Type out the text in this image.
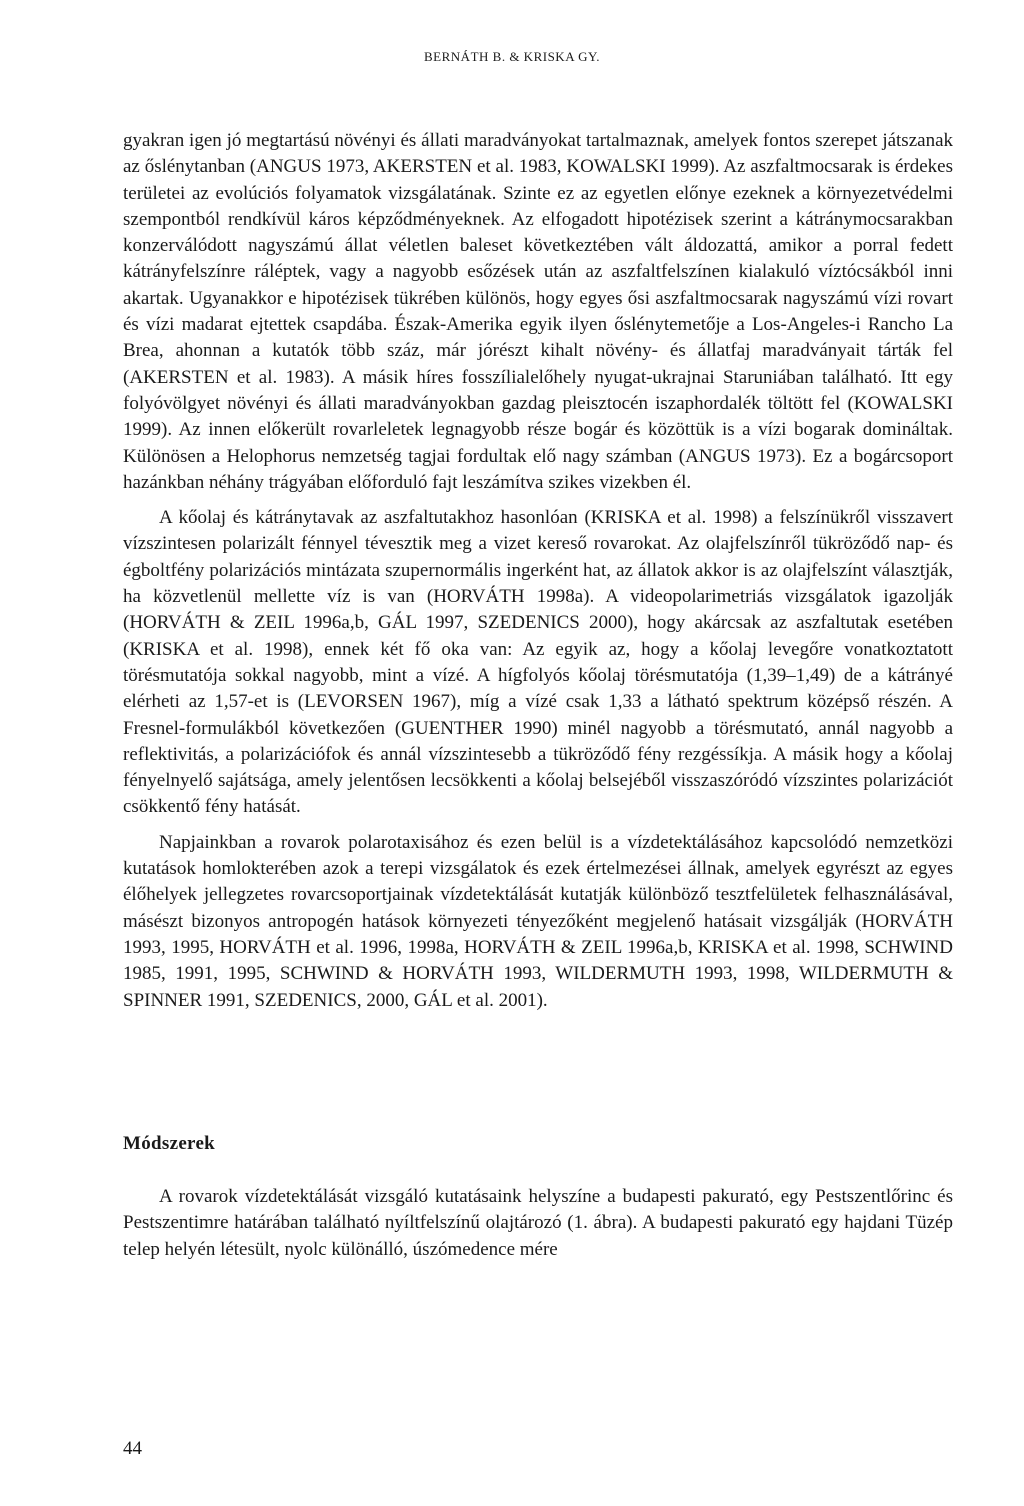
BERNÁTH B. & KRISKA GY.

gyakran igen jó megtartású növényi és állati maradványokat tartalmaznak, amelyek fontos szerepet játszanak az őslénytanban (ANGUS 1973, AKERSTEN et al. 1983, KOWALSKI 1999). Az aszfaltmocsarak is érdekes területei az evolúciós folyamatok vizsgálatának. Szinte ez az egyetlen előnye ezeknek a környezetvédelmi szempontból rendkívül káros képződményeknek. Az elfogadott hipotézisek szerint a kátránymocsarakban konzerválódott nagyszámú állat véletlen baleset következtében vált áldozattá, amikor a porral fedett kátrányfelszínre ráléptek, vagy a nagyobb esőzések után az aszfaltfelszínen kialakuló víztócsákból inni akartak. Ugyanakkor e hipotézisek tükrében különös, hogy egyes ősi aszfaltmocsarak nagyszámú vízi rovart és vízi madarat ejtettek csapdába. Észak-Amerika egyik ilyen őslénytemetője a Los-Angeles-i Rancho La Brea, ahonnan a kutatók több száz, már jórészt kihalt növény- és állatfaj maradványait tárták fel (AKERSTEN et al. 1983). A másik híres fosszílialelőhely nyugat-ukrajnai Staruniában található. Itt egy folyóvölgyet növényi és állati maradványokban gazdag pleisztocén iszaphordalék töltött fel (KOWALSKI 1999). Az innen előkerült rovarleletek legnagyobb része bogár és közöttük is a vízi bogarak domináltak. Különösen a Helophorus nemzetség tagjai fordultak elő nagy számban (ANGUS 1973). Ez a bogárcsoport hazánkban néhány trágyában előforduló fajt leszámítva szikes vizekben él.

A kőolaj és kátránytavak az aszfaltutakhoz hasonlóan (KRISKA et al. 1998) a felszínükről visszavert vízszintesen polarizált fénnyel tévesztik meg a vizet kereső rovarokat. Az olajfelszínről tükröződő nap- és égboltfény polarizációs mintázata szupernormális ingerként hat, az állatok akkor is az olajfelszínt választják, ha közvetlenül mellette víz is van (HORVÁTH 1998a). A videopolarimetriás vizsgálatok igazolják (HORVÁTH & ZEIL 1996a,b, GÁL 1997, SZEDENICS 2000), hogy akárcsak az aszfaltutak esetében (KRISKA et al. 1998), ennek két fő oka van: Az egyik az, hogy a kőolaj levegőre vonatkoztatott törésmutatója sokkal nagyobb, mint a vízé. A hígfolyós kőolaj törésmutatója (1,39–1,49) de a kátrányé elérheti az 1,57-et is (LEVORSEN 1967), míg a vízé csak 1,33 a látható spektrum középső részén. A Fresnel-formulákból következően (GUENTHER 1990) minél nagyobb a törésmutató, annál nagyobb a reflektivitás, a polarizációfok és annál vízszintesebb a tükröződő fény rezgéssíkja. A másik hogy a kőolaj fényelnyelő sajátsága, amely jelentősen lecsökkenti a kőolaj belsejéből visszaszóródó vízszintes polarizációt csökkentő fény hatását.

Napjainkban a rovarok polarotaxisához és ezen belül is a vízdetektálásához kapcsolódó nemzetközi kutatások homlokterében azok a terepi vizsgálatok és ezek értelmezései állnak, amelyek egyrészt az egyes élőhelyek jellegzetes rovarcsoportjainak vízdetektálását kutatják különböző tesztfelületek felhasználásával, másészt bizonyos antropogén hatások környezeti tényezőként megjelenő hatásait vizsgálják (HORVÁTH 1993, 1995, HORVÁTH et al. 1996, 1998a, HORVÁTH & ZEIL 1996a,b, KRISKA et al. 1998, SCHWIND 1985, 1991, 1995, SCHWIND & HORVÁTH 1993, WILDERMUTH 1993, 1998, WILDERMUTH & SPINNER 1991, SZEDENICS, 2000, GÁL et al. 2001).

Módszerek

A rovarok vízdetektálását vizsgáló kutatásaink helyszíne a budapesti pakurató, egy Pestszentlőrinc és Pestszentimre határában található nyíltfelszínű olajtározó (1. ábra). A budapesti pakurató egy hajdani Tüzép telep helyén létesült, nyolc különálló, úszómedence mére

44
